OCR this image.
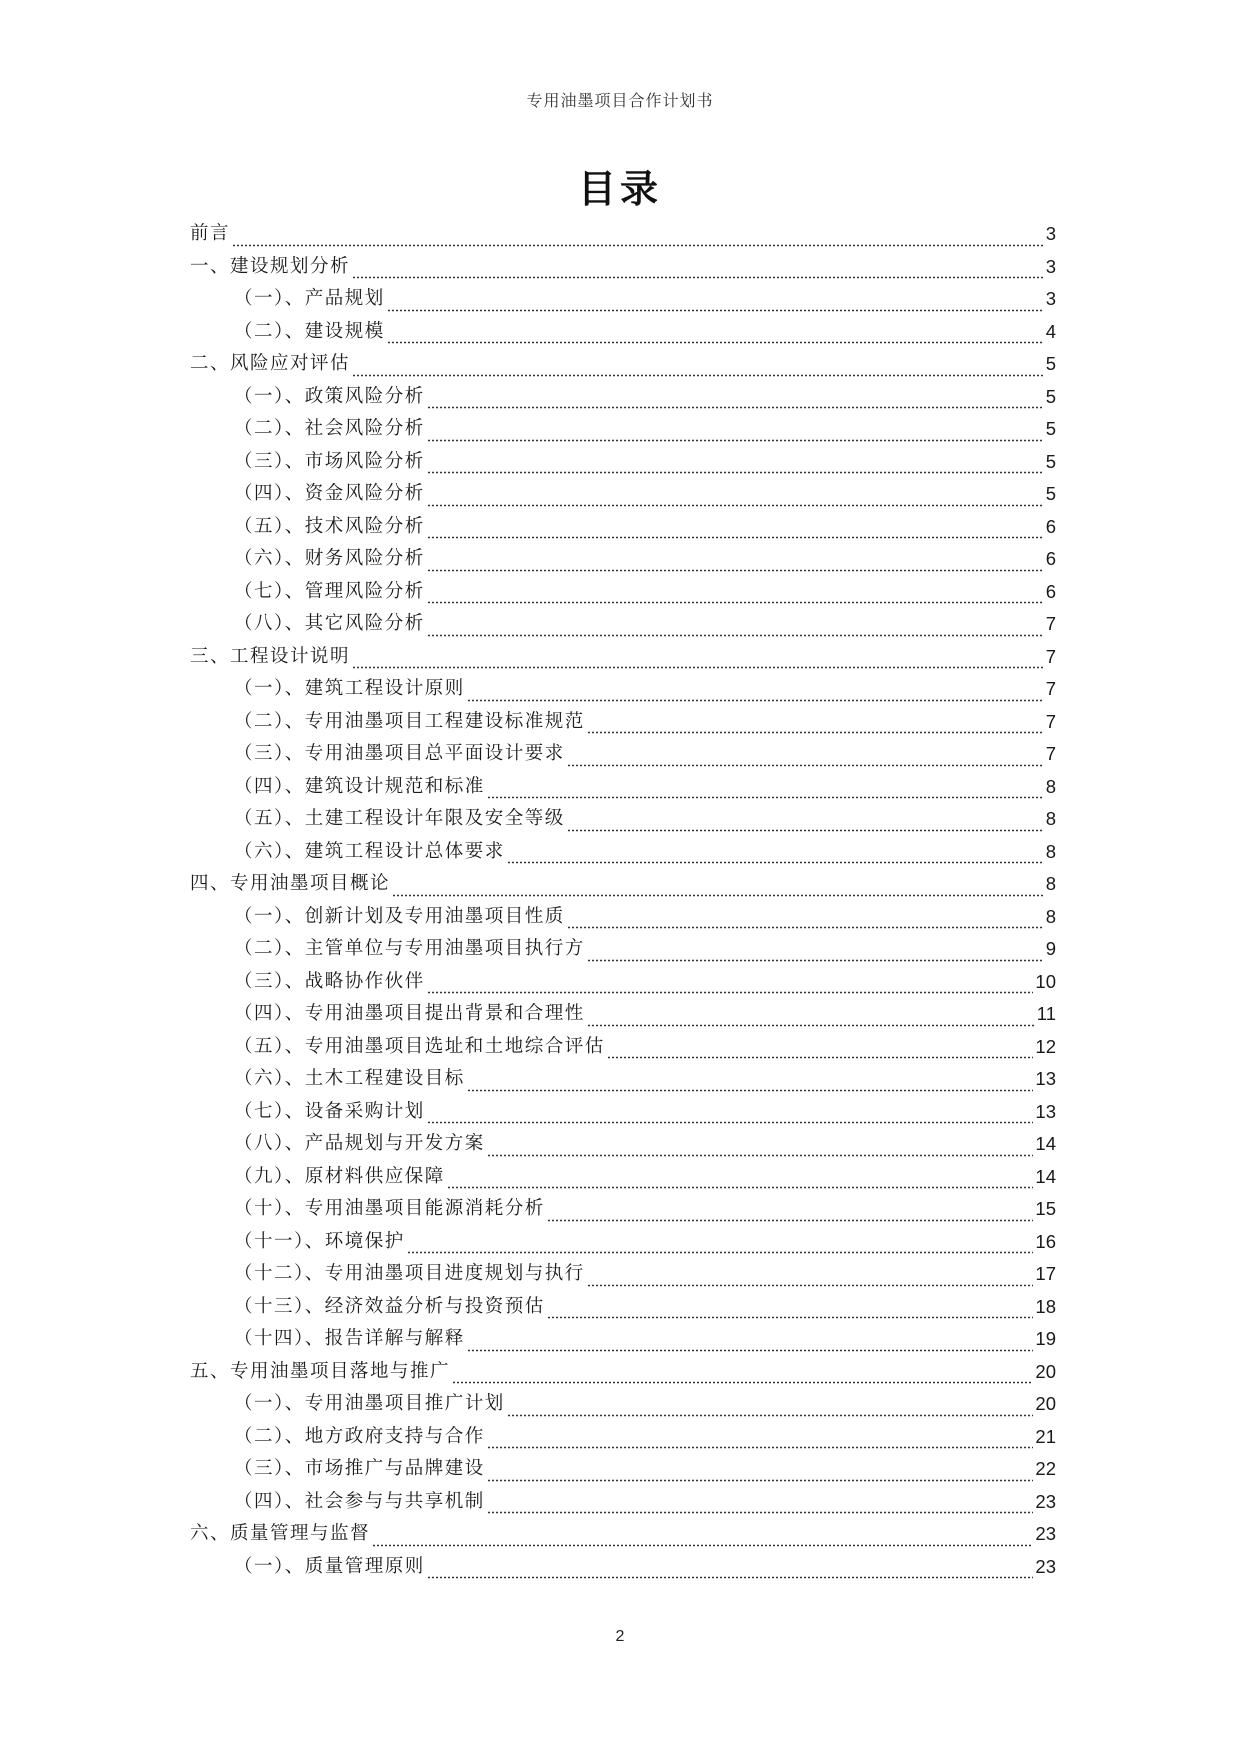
专用油墨项目合作计划书
目录
前言	3
一、建设规划分析	3
（一）、产品规划	3
（二）、建设规模	4
二、风险应对评估	5
（一）、政策风险分析	5
（二）、社会风险分析	5
（三）、市场风险分析	5
（四）、资金风险分析	5
（五）、技术风险分析	6
（六）、财务风险分析	6
（七）、管理风险分析	6
（八）、其它风险分析	7
三、工程设计说明	7
（一）、建筑工程设计原则	7
（二）、专用油墨项目工程建设标准规范	7
（三）、专用油墨项目总平面设计要求	7
（四）、建筑设计规范和标准	8
（五）、土建工程设计年限及安全等级	8
（六）、建筑工程设计总体要求	8
四、专用油墨项目概论	8
（一）、创新计划及专用油墨项目性质	8
（二）、主管单位与专用油墨项目执行方	9
（三）、战略协作伙伴	10
（四）、专用油墨项目提出背景和合理性	11
（五）、专用油墨项目选址和土地综合评估	12
（六）、土木工程建设目标	13
（七）、设备采购计划	13
（八）、产品规划与开发方案	14
（九）、原材料供应保障	14
（十）、专用油墨项目能源消耗分析	15
（十一）、环境保护	16
（十二）、专用油墨项目进度规划与执行	17
（十三）、经济效益分析与投资预估	18
（十四）、报告详解与解释	19
五、专用油墨项目落地与推广	20
（一）、专用油墨项目推广计划	20
（二）、地方政府支持与合作	21
（三）、市场推广与品牌建设	22
（四）、社会参与与共享机制	23
六、质量管理与监督	23
（一）、质量管理原则	23
2
